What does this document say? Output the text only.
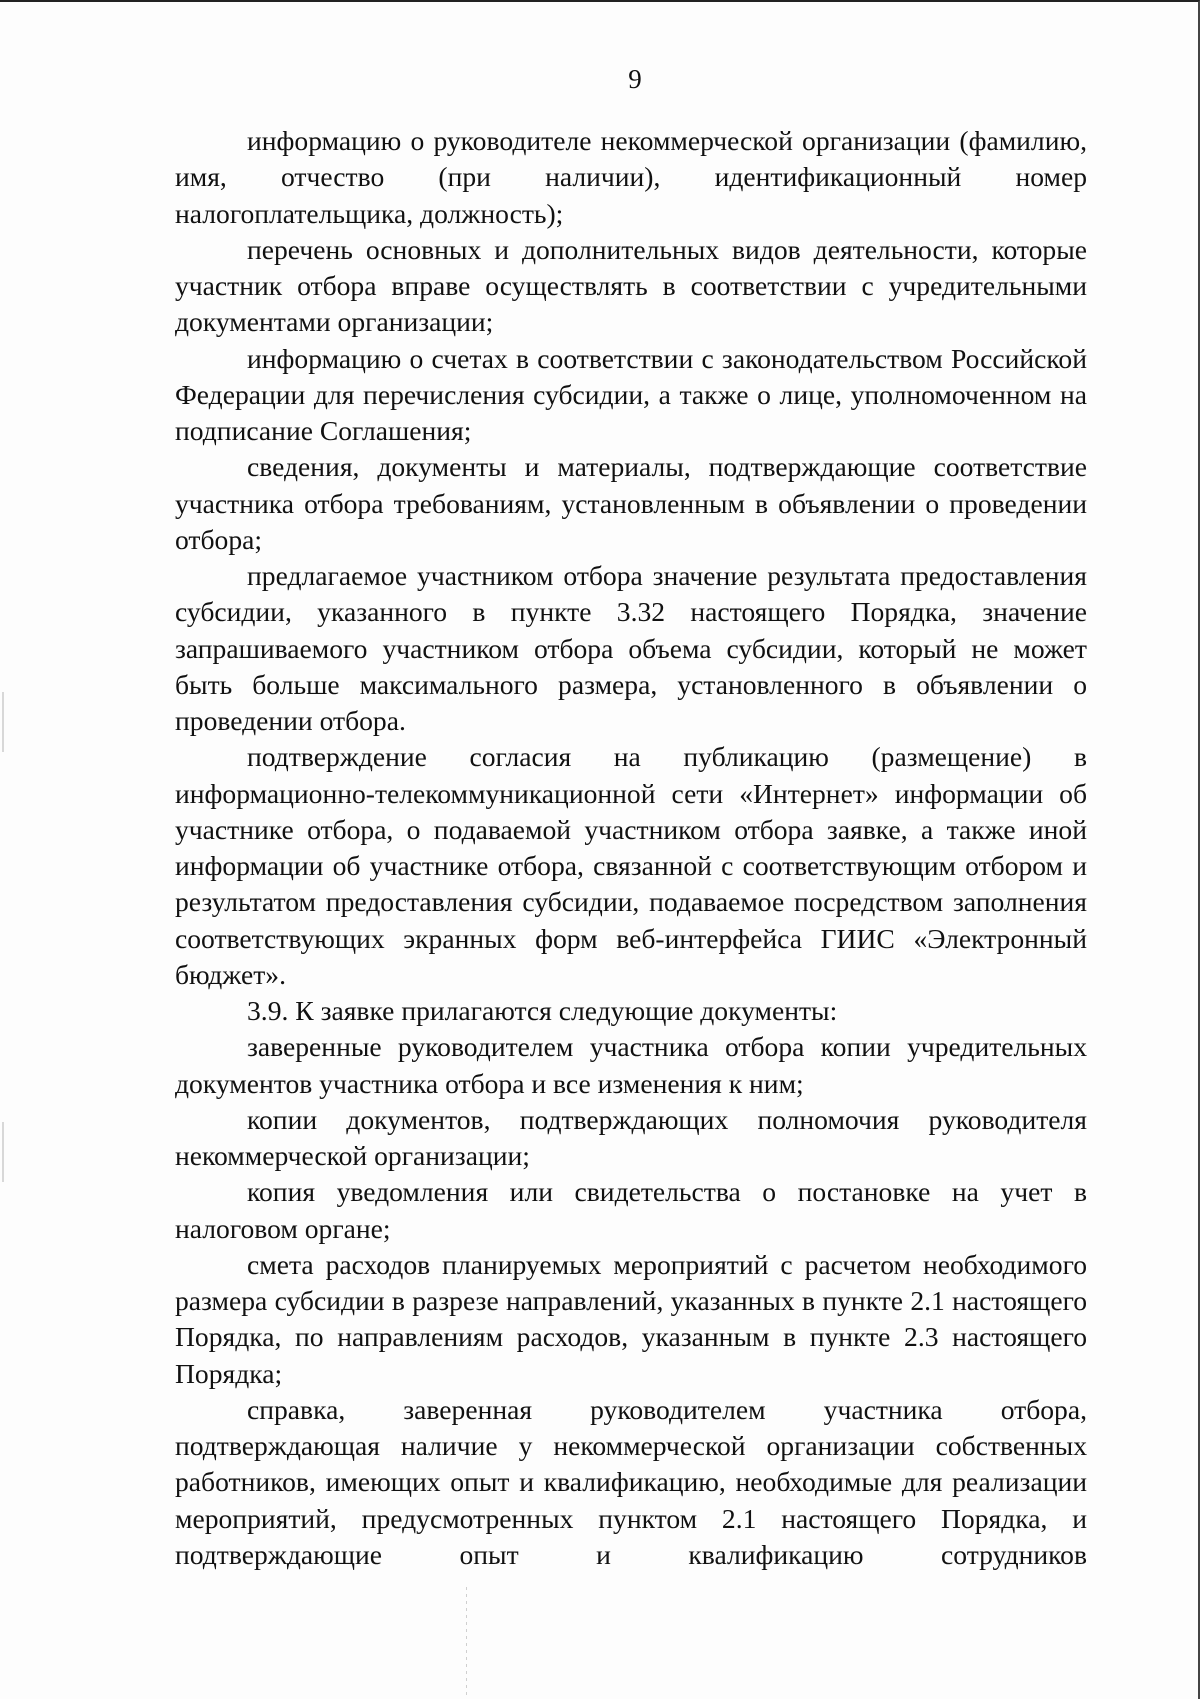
9

информацию о руководителе некоммерческой организации (фамилию, имя, отчество (при наличии), идентификационный номер налогоплательщика, должность);

перечень основных и дополнительных видов деятельности, которые участник отбора вправе осуществлять в соответствии с учредительными документами организации;

информацию о счетах в соответствии с законодательством Российской Федерации для перечисления субсидии, а также о лице, уполномоченном на подписание Соглашения;

сведения, документы и материалы, подтверждающие соответствие участника отбора требованиям, установленным в объявлении о проведении отбора;

предлагаемое участником отбора значение результата предоставления субсидии, указанного в пункте 3.32 настоящего Порядка, значение запрашиваемого участником отбора объема субсидии, который не может быть больше максимального размера, установленного в объявлении о проведении отбора.

подтверждение согласия на публикацию (размещение) в информационно-телекоммуникационной сети «Интернет» информации об участнике отбора, о подаваемой участником отбора заявке, а также иной информации об участнике отбора, связанной с соответствующим отбором и результатом предоставления субсидии, подаваемое посредством заполнения соответствующих экранных форм веб-интерфейса ГИИС «Электронный бюджет».

3.9. К заявке прилагаются следующие документы:

заверенные руководителем участника отбора копии учредительных документов участника отбора и все изменения к ним;

копии документов, подтверждающих полномочия руководителя некоммерческой организации;

копия уведомления или свидетельства о постановке на учет в налоговом органе;

смета расходов планируемых мероприятий с расчетом необходимого размера субсидии в разрезе направлений, указанных в пункте 2.1 настоящего Порядка, по направлениям расходов, указанным в пункте 2.3 настоящего Порядка;

справка, заверенная руководителем участника отбора, подтверждающая наличие у некоммерческой организации собственных работников, имеющих опыт и квалификацию, необходимые для реализации мероприятий, предусмотренных пунктом 2.1 настоящего Порядка, и подтверждающие опыт и квалификацию сотрудников
